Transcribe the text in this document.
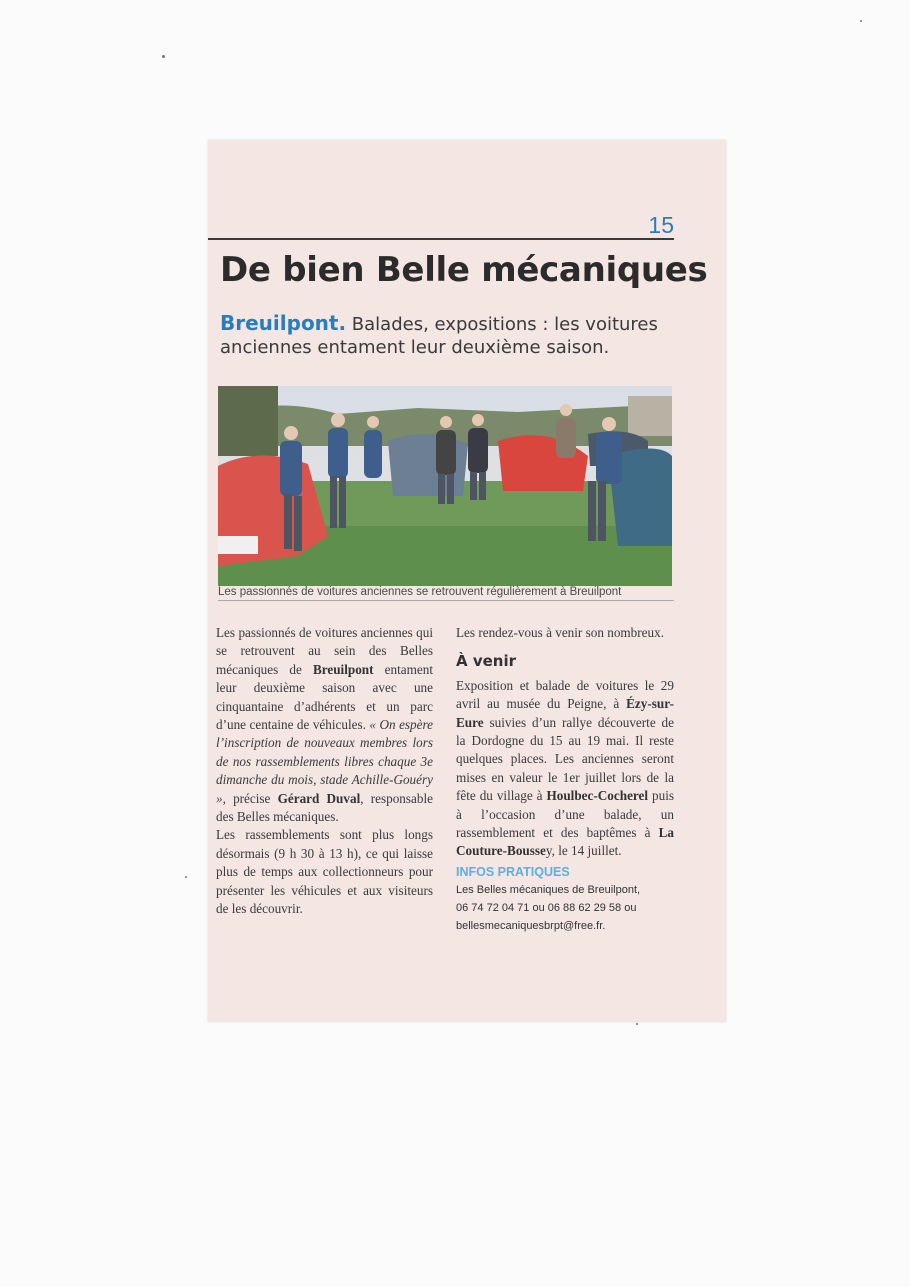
15
De bien Belle mécaniques
Breuilpont. Balades, expositions : les voitures anciennes entament leur deuxième saison.
Les passionnés de voitures anciennes se retrouvent régulièrement à Breuilpont

Les passionnés de voitures anciennes qui se retrouvent au sein des Belles mécaniques de Breuilpont entament leur deuxième saison avec une cinquantaine d’adhérents et un parc d’une centaine de véhicules. « On espère l’inscription de nouveaux membres lors de nos rassemblements libres chaque 3e dimanche du mois, stade Achille-Gouéry », précise Gérard Duval, responsable des Belles mécaniques.

Les rassemblements sont plus longs désormais (9 h 30 à 13 h), ce qui laisse plus de temps aux collectionneurs pour présenter les véhicules et aux visiteurs de les découvrir.

Les rendez-vous à venir son nombreux.

À venir

Exposition et balade de voitures le 29 avril au musée du Peigne, à Ézy-sur-Eure suivies d’un rallye découverte de la Dordogne du 15 au 19 mai. Il reste quelques places. Les anciennes seront mises en valeur le 1er juillet lors de la fête du village à Houlbec-Cocherel puis à l’occasion d’une balade, un rassemblement et des baptêmes à La Couture-Boussey, le 14 juillet.

INFOS PRATIQUES
Les Belles mécaniques de Breuilpont,
06 74 72 04 71 ou 06 88 62 29 58 ou
bellesmecaniquesbrpt@free.fr.
